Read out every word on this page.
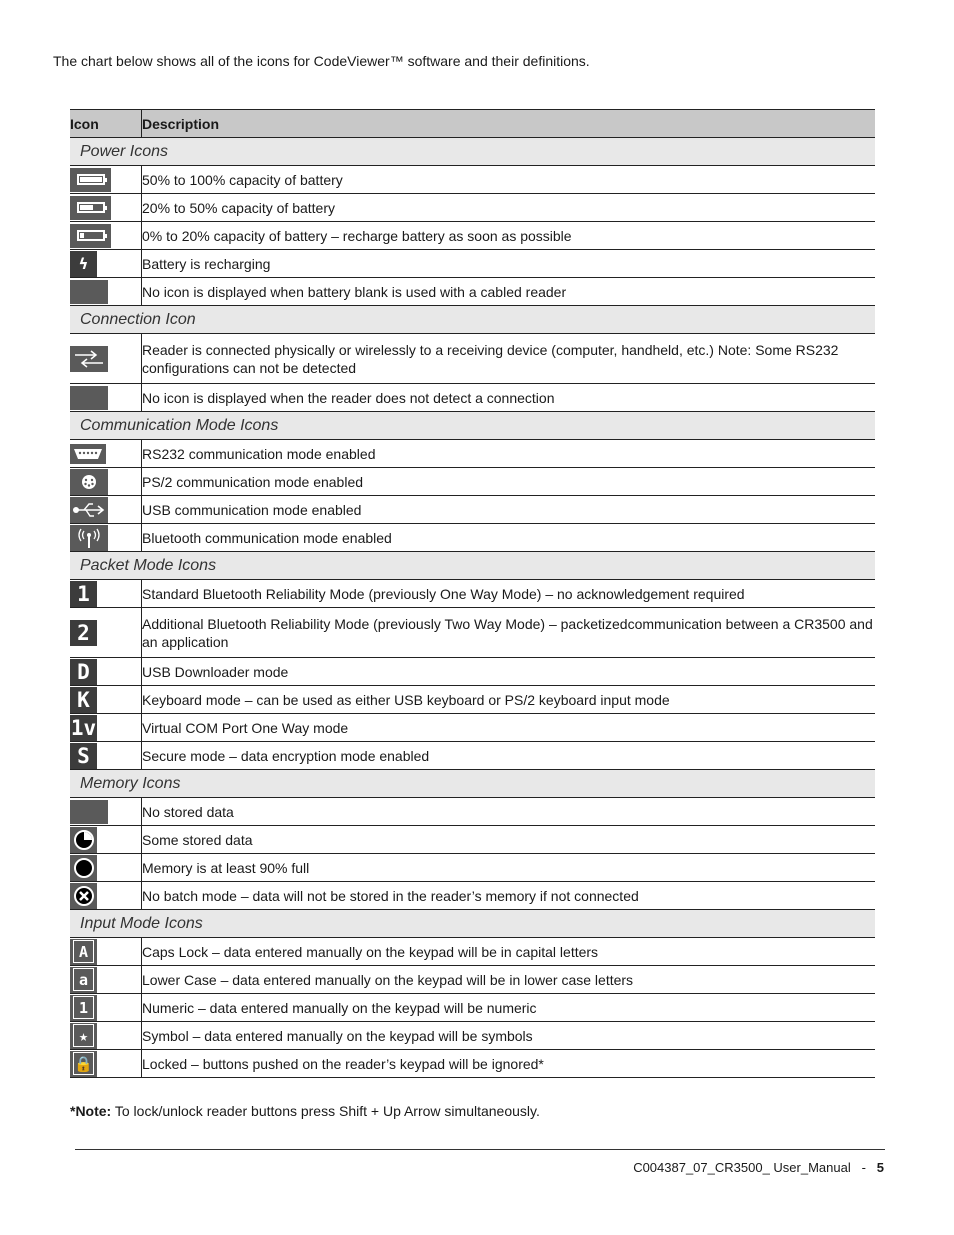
The chart below shows all of the icons for CodeViewer™ software and their definitions.
Icon	Description
Power Icons	

	50% to 100% capacity of battery

	20% to 50% capacity of battery

	0% to 20% capacity of battery – recharge battery as soon as possible

ϟ	Battery is recharging

	No icon is displayed when battery blank is used with a cabled reader
Connection Icon	

	Reader is connected physically or wirelessly to a receiving device (computer, handheld, etc.) Note: Some RS232 configurations can not be detected

	No icon is displayed when the reader does not detect a connection
Communication Mode Icons	

	RS232 communication mode enabled

	PS/2 communication mode enabled

	USB communication mode enabled

	Bluetooth communication mode enabled
Packet Mode Icons	

1	Standard Bluetooth Reliability Mode (previously One Way Mode) – no acknowledgement required

2	Additional Bluetooth Reliability Mode (previously Two Way Mode) – packetizedcommunication between a CR3500 and an application

D	USB Downloader mode

K	Keyboard mode – can be used as either USB keyboard or PS/2 keyboard input mode

1v	Virtual COM Port One Way mode

S	Secure mode – data encryption mode enabled
Memory Icons	

	No stored data

	Some stored data

	Memory is at least 90% full

	No batch mode – data will not be stored in the reader’s memory if not connected
Input Mode Icons	

A	Caps Lock – data entered manually on the keypad will be in capital letters

a	Lower Case – data entered manually on the keypad will be in lower case letters

1	Numeric – data entered manually on the keypad will be numeric

★	Symbol – data entered manually on the keypad will be symbols

🔒	Locked – buttons pushed on the reader’s keypad will be ignored*
*Note: To lock/unlock reader buttons press Shift + Up Arrow simultaneously.
C004387_07_CR3500_ User_Manual - 5
